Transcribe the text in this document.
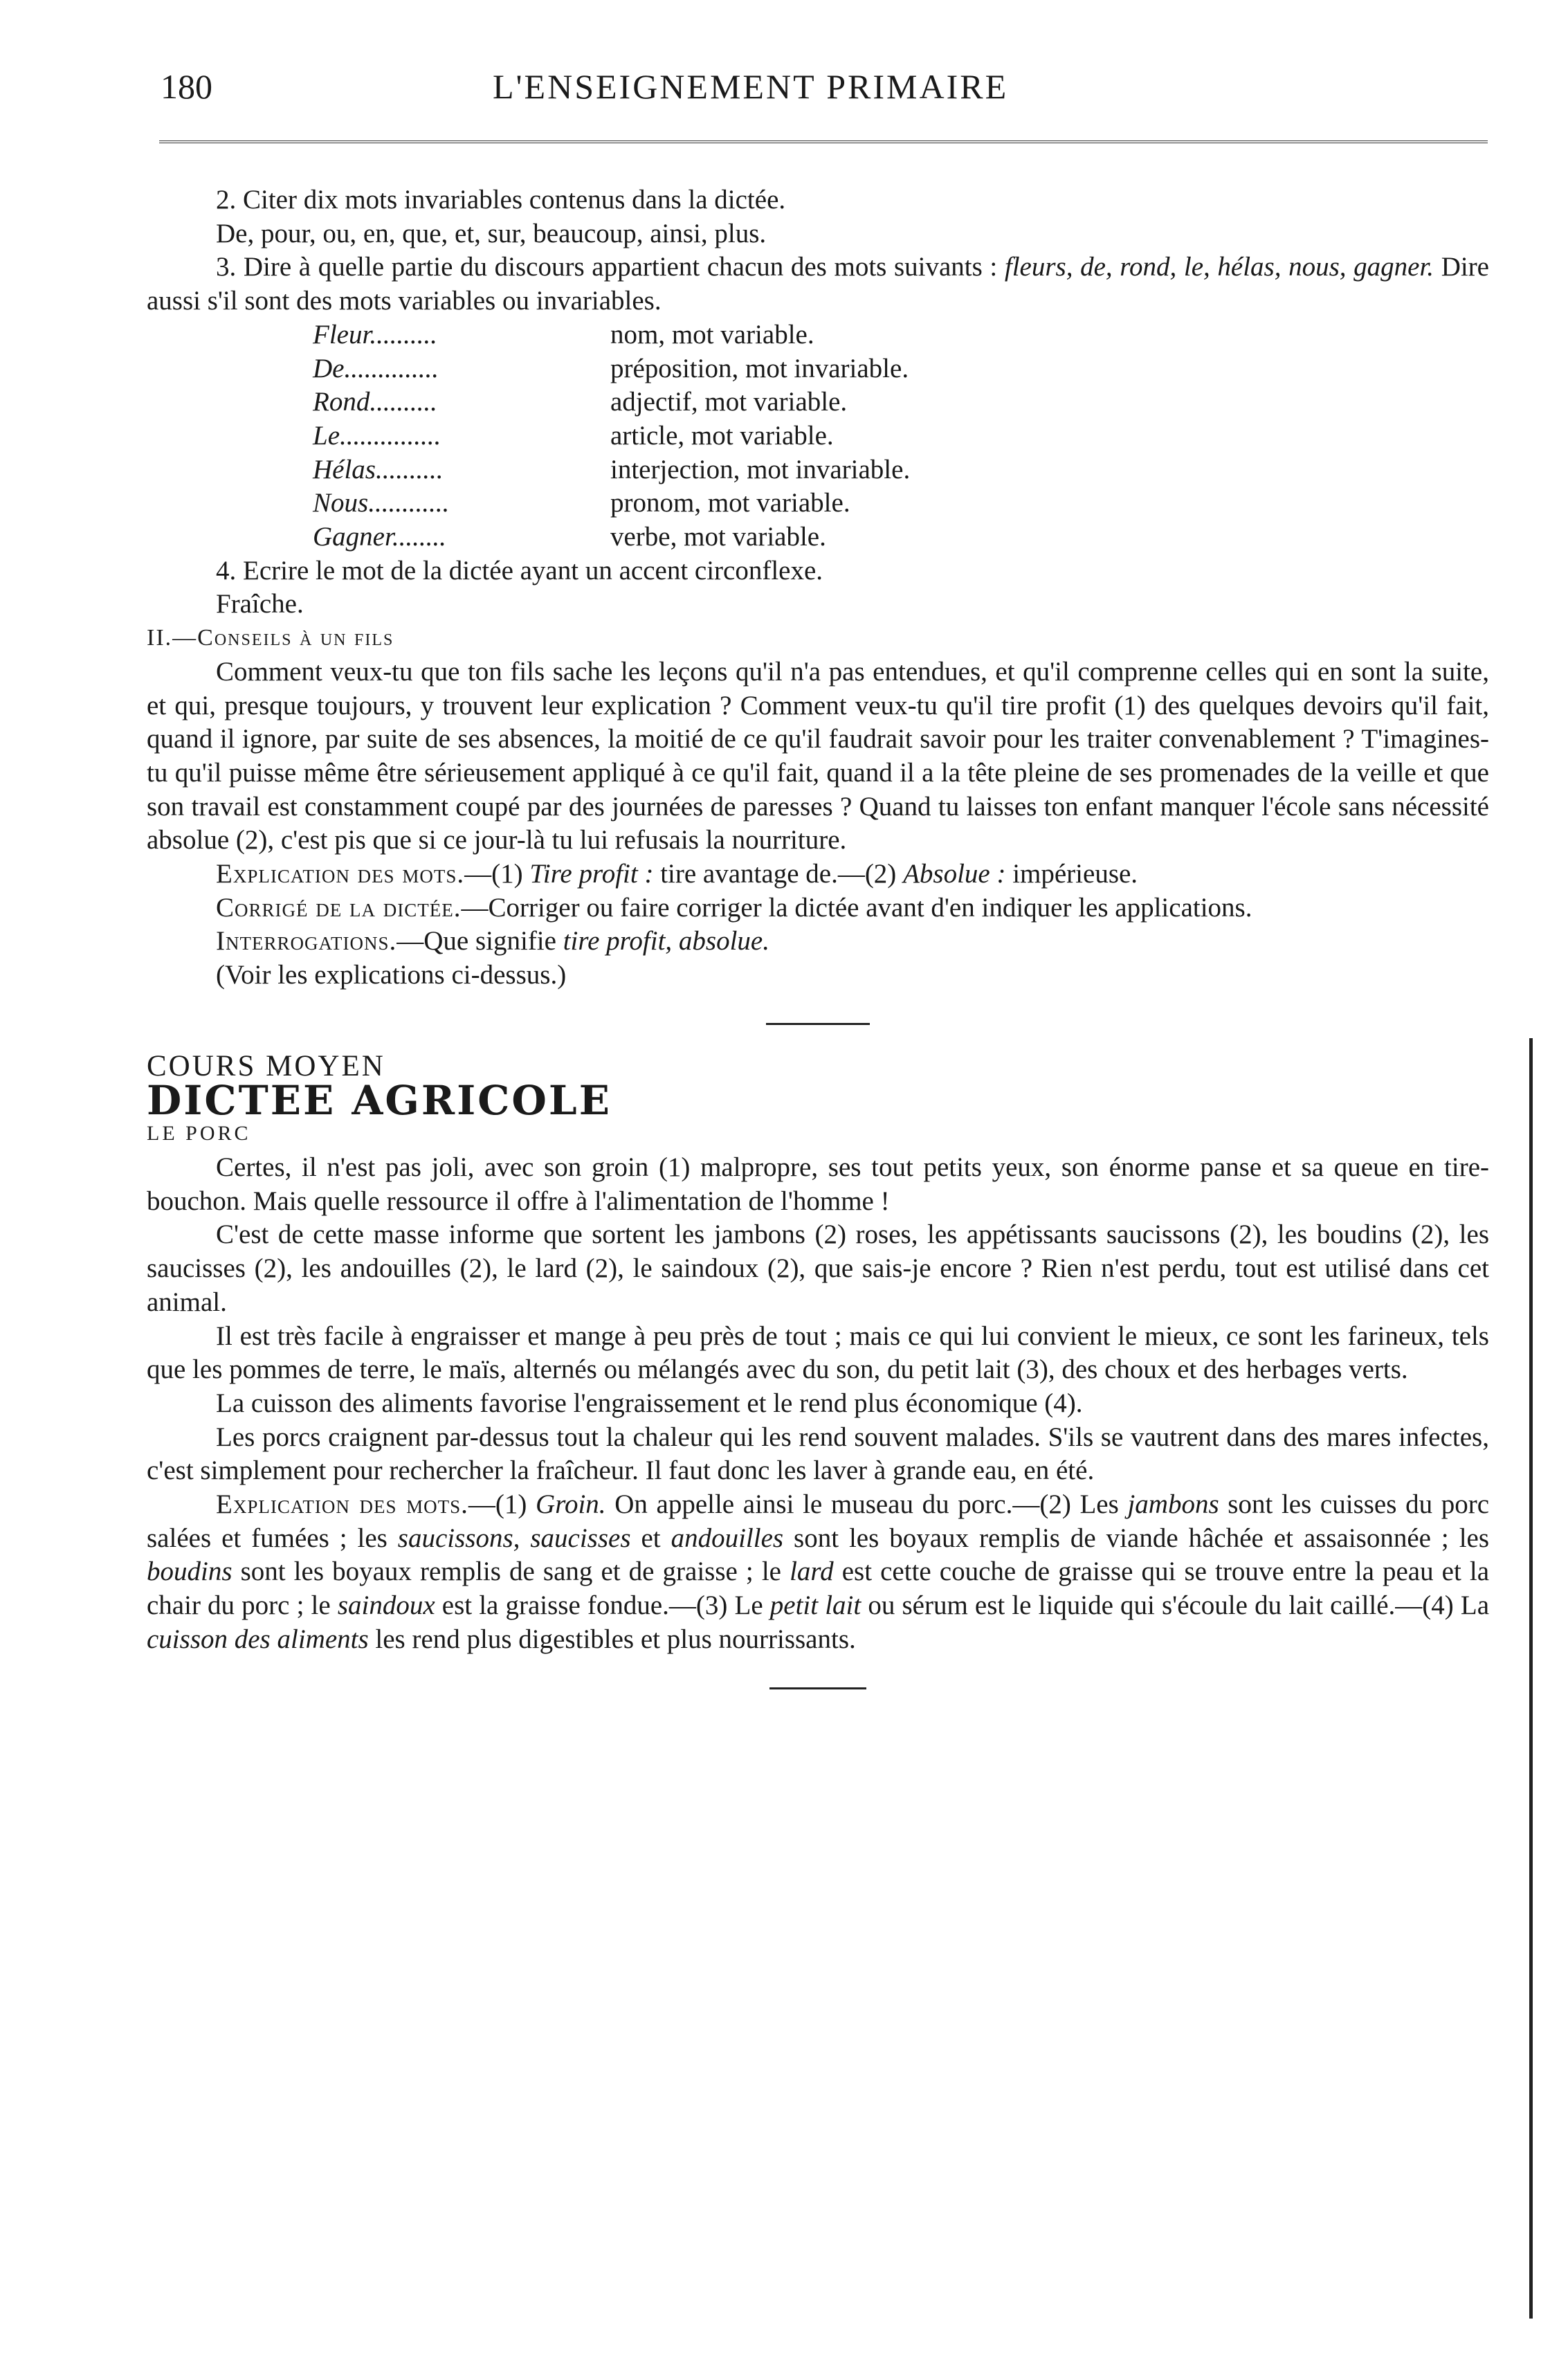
180	L'ENSEIGNEMENT PRIMAIRE

2. Citer dix mots invariables contenus dans la dictée.

De, pour, ou, en, que, et, sur, beaucoup, ainsi, plus.

3. Dire à quelle partie du discours appartient chacun des mots suivants : fleurs, de, rond, le, hélas, nous, gagner. Dire aussi s'il sont des mots variables ou invariables.

Fleur..........	nom, mot variable.
De..............	préposition, mot invariable.
Rond..........	adjectif, mot variable.
Le...............	article, mot variable.
Hélas..........	interjection, mot invariable.
Nous............	pronom, mot variable.
Gagner........	verbe, mot variable.

4. Ecrire le mot de la dictée ayant un accent circonflexe.

Fraîche.

II.—Conseils à un fils

Comment veux-tu que ton fils sache les leçons qu'il n'a pas entendues, et qu'il comprenne celles qui en sont la suite, et qui, presque toujours, y trouvent leur explication ? Comment veux-tu qu'il tire profit (1) des quelques devoirs qu'il fait, quand il ignore, par suite de ses absences, la moitié de ce qu'il faudrait savoir pour les traiter convenablement ? T'imagines-tu qu'il puisse même être sérieusement appliqué à ce qu'il fait, quand il a la tête pleine de ses promenades de la veille et que son travail est constamment coupé par des journées de paresses ? Quand tu laisses ton enfant manquer l'école sans nécessité absolue (2), c'est pis que si ce jour-là tu lui refusais la nourriture.

Explication des mots.—(1) Tire profit : tire avantage de.—(2) Absolue : impérieuse.

Corrigé de la dictée.—Corriger ou faire corriger la dictée avant d'en indiquer les applications.

Interrogations.—Que signifie tire profit, absolue.

(Voir les explications ci-dessus.)

COURS MOYEN

DICTEE AGRICOLE

LE PORC

Certes, il n'est pas joli, avec son groin (1) malpropre, ses tout petits yeux, son énorme panse et sa queue en tire-bouchon. Mais quelle ressource il offre à l'alimentation de l'homme !

C'est de cette masse informe que sortent les jambons (2) roses, les appétissants saucissons (2), les boudins (2), les saucisses (2), les andouilles (2), le lard (2), le saindoux (2), que sais-je encore ? Rien n'est perdu, tout est utilisé dans cet animal.

Il est très facile à engraisser et mange à peu près de tout ; mais ce qui lui convient le mieux, ce sont les farineux, tels que les pommes de terre, le maïs, alternés ou mélangés avec du son, du petit lait (3), des choux et des herbages verts.

La cuisson des aliments favorise l'engraissement et le rend plus économique (4).

Les porcs craignent par-dessus tout la chaleur qui les rend souvent malades. S'ils se vautrent dans des mares infectes, c'est simplement pour rechercher la fraîcheur. Il faut donc les laver à grande eau, en été.

Explication des mots.—(1) Groin. On appelle ainsi le museau du porc.—(2) Les jambons sont les cuisses du porc salées et fumées ; les saucissons, saucisses et andouilles sont les boyaux remplis de viande hâchée et assaisonnée ; les boudins sont les boyaux remplis de sang et de graisse ; le lard est cette couche de graisse qui se trouve entre la peau et la chair du porc ; le saindoux est la graisse fondue.—(3) Le petit lait ou sérum est le liquide qui s'écoule du lait caillé.—(4) La cuisson des aliments les rend plus digestibles et plus nourrissants.
